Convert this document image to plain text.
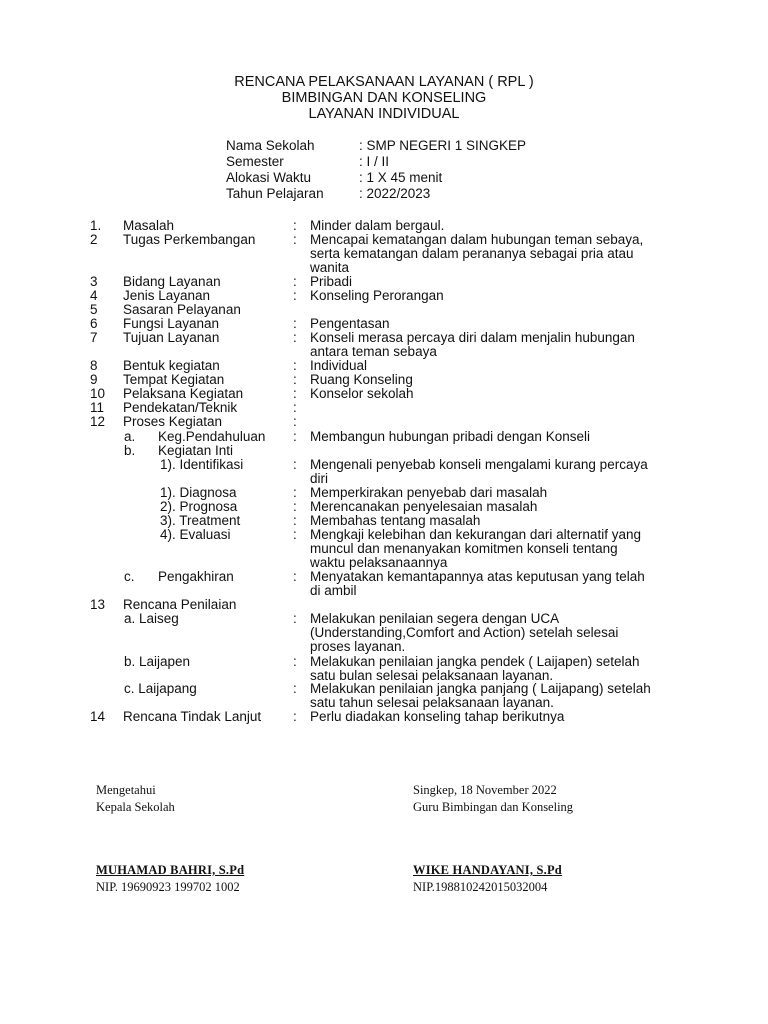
RENCANA PELAKSANAAN LAYANAN ( RPL )
BIMBINGAN DAN KONSELING
LAYANAN INDIVIDUAL
Nama Sekolah	: SMP NEGERI 1 SINGKEP
Semester	: I / II
Alokasi Waktu	: 1 X 45 menit
Tahun Pelajaran	: 2022/2023
1. Masalah	: Minder dalam bergaul.
2 Tugas Perkembangan	: Mencapai kematangan dalam hubungan teman sebaya,
serta kematangan dalam perananya sebagai pria atau
wanita
3 Bidang Layanan	: Pribadi
4 Jenis Layanan	: Konseling Perorangan
5 Sasaran Pelayanan
6 Fungsi Layanan	: Pengentasan
7 Tujuan Layanan	: Konseli merasa percaya diri dalam menjalin hubungan
antara teman sebaya
8 Bentuk kegiatan	: Individual
9 Tempat Kegiatan	: Ruang Konseling
10 Pelaksana Kegiatan	: Konselor sekolah
11 Pendekatan/Teknik	:
12 Proses Kegiatan	:
a. Keg.Pendahuluan : Membangun hubungan pribadi dengan Konseli
b. Kegiatan Inti
1). Identifikasi	: Mengenali penyebab konseli mengalami kurang percaya
diri
1). Diagnosa	: Memperkirakan penyebab dari masalah
2). Prognosa	: Merencanakan penyelesaian masalah
3). Treatment	: Membahas tentang masalah
4). Evaluasi	: Mengkaji kelebihan dan kekurangan dari alternatif yang
muncul dan menanyakan komitmen konseli tentang
waktu pelaksanaannya
c. Pengakhiran	: Menyatakan kemantapannya atas keputusan yang telah
di ambil
13 Rencana Penilaian
a. Laiseg	: Melakukan penilaian segera dengan UCA
(Understanding,Comfort and Action) setelah selesai
proses layanan.
b. Laijapen	: Melakukan penilaian jangka pendek ( Laijapen) setelah
satu bulan selesai pelaksanaan layanan.
c. Laijapang	: Melakukan penilaian jangka panjang ( Laijapang) setelah
satu tahun selesai pelaksanaan layanan.
14 Rencana Tindak Lanjut : Perlu diadakan konseling tahap berikutnya
Mengetahui
Kepala Sekolah
MUHAMAD BAHRI, S.Pd
NIP. 19690923 199702 1002
Singkep, 18 November 2022
Guru Bimbingan dan Konseling
WIKE HANDAYANI, S.Pd
NIP.198810242015032004
